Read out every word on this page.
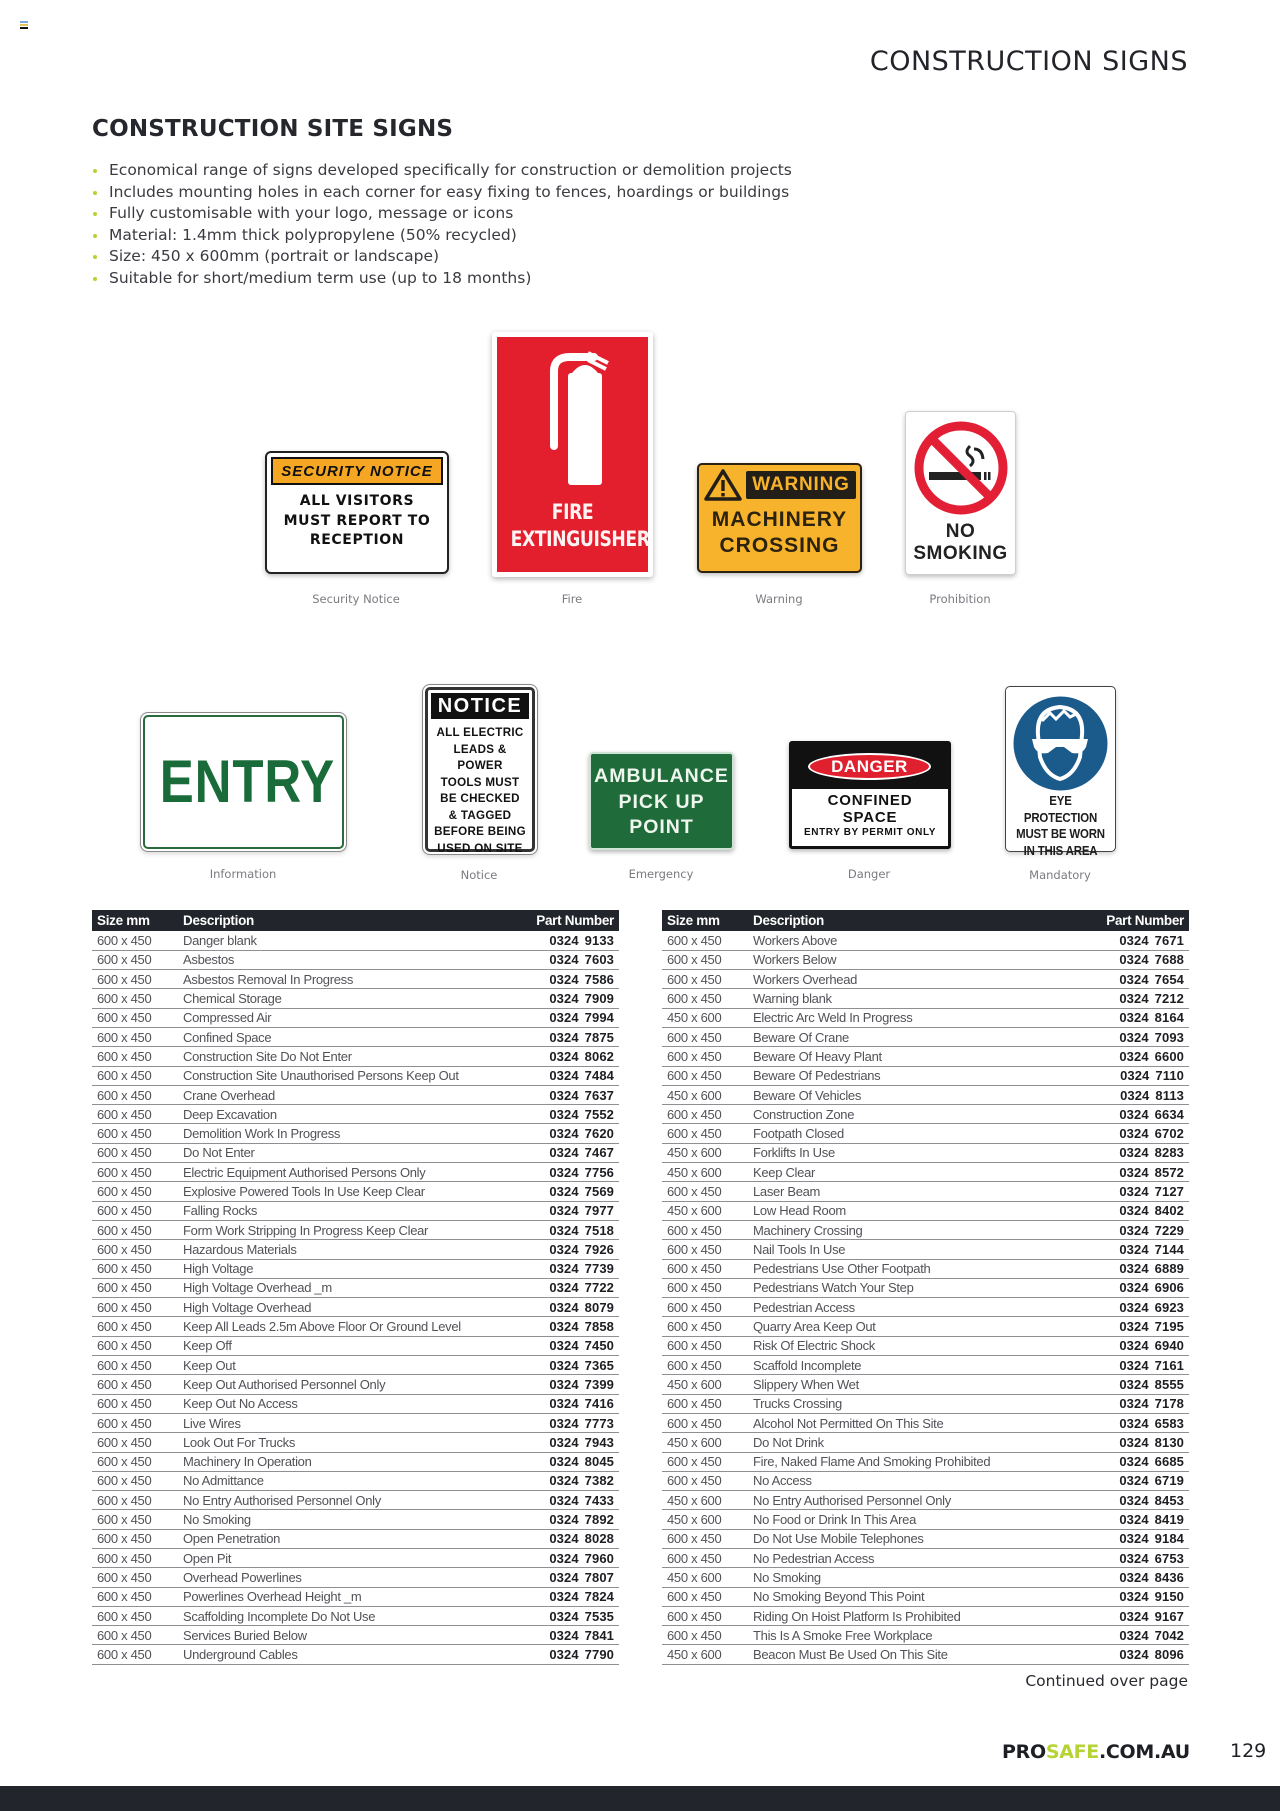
CONSTRUCTION SIGNS
CONSTRUCTION SITE SIGNS
Economical range of signs developed specifically for construction or demolition projects
Includes mounting holes in each corner for easy fixing to fences, hoardings or buildings
Fully customisable with your logo, message or icons
Material: 1.4mm thick polypropylene (50% recycled)
Size: 450 x 600mm (portrait or landscape)
Suitable for short/medium term use (up to 18 months)
SECURITY NOTICE
ALL VISITORS
MUST REPORT TO
RECEPTION
Security Notice
FIRE
EXTINGUISHER
Fire
WARNING
MACHINERY
CROSSING
Warning
NO
SMOKING
Prohibition
ENTRY
Information
NOTICE
ALL ELECTRIC
LEADS & POWER
TOOLS MUST
BE CHECKED
& TAGGED
BEFORE BEING
USED ON SITE
Notice
AMBULANCE
PICK UP
POINT
Emergency
DANGER
CONFINED
SPACE
ENTRY BY PERMIT ONLY
Danger
EYE PROTECTION
MUST BE WORN
IN THIS AREA
Mandatory
Size mm	Description	Part Number
600 x 450	Danger blank	0324 9133
600 x 450	Asbestos	0324 7603
600 x 450	Asbestos Removal In Progress	0324 7586
600 x 450	Chemical Storage	0324 7909
600 x 450	Compressed Air	0324 7994
600 x 450	Confined Space	0324 7875
600 x 450	Construction Site Do Not Enter	0324 8062
600 x 450	Construction Site Unauthorised Persons Keep Out	0324 7484
600 x 450	Crane Overhead	0324 7637
600 x 450	Deep Excavation	0324 7552
600 x 450	Demolition Work In Progress	0324 7620
600 x 450	Do Not Enter	0324 7467
600 x 450	Electric Equipment Authorised Persons Only	0324 7756
600 x 450	Explosive Powered Tools In Use Keep Clear	0324 7569
600 x 450	Falling Rocks	0324 7977
600 x 450	Form Work Stripping In Progress Keep Clear	0324 7518
600 x 450	Hazardous Materials	0324 7926
600 x 450	High Voltage	0324 7739
600 x 450	High Voltage Overhead _m	0324 7722
600 x 450	High Voltage Overhead	0324 8079
600 x 450	Keep All Leads 2.5m Above Floor Or Ground Level	0324 7858
600 x 450	Keep Off	0324 7450
600 x 450	Keep Out	0324 7365
600 x 450	Keep Out Authorised Personnel Only	0324 7399
600 x 450	Keep Out No Access	0324 7416
600 x 450	Live Wires	0324 7773
600 x 450	Look Out For Trucks	0324 7943
600 x 450	Machinery In Operation	0324 8045
600 x 450	No Admittance	0324 7382
600 x 450	No Entry Authorised Personnel Only	0324 7433
600 x 450	No Smoking	0324 7892
600 x 450	Open Penetration	0324 8028
600 x 450	Open Pit	0324 7960
600 x 450	Overhead Powerlines	0324 7807
600 x 450	Powerlines Overhead Height _m	0324 7824
600 x 450	Scaffolding Incomplete Do Not Use	0324 7535
600 x 450	Services Buried Below	0324 7841
600 x 450	Underground Cables	0324 7790
Size mm	Description	Part Number
600 x 450	Workers Above	0324 7671
600 x 450	Workers Below	0324 7688
600 x 450	Workers Overhead	0324 7654
600 x 450	Warning blank	0324 7212
450 x 600	Electric Arc Weld In Progress	0324 8164
600 x 450	Beware Of Crane	0324 7093
600 x 450	Beware Of Heavy Plant	0324 6600
600 x 450	Beware Of Pedestrians	0324 7110
450 x 600	Beware Of Vehicles	0324 8113
600 x 450	Construction Zone	0324 6634
600 x 450	Footpath Closed	0324 6702
450 x 600	Forklifts In Use	0324 8283
450 x 600	Keep Clear	0324 8572
600 x 450	Laser Beam	0324 7127
450 x 600	Low Head Room	0324 8402
600 x 450	Machinery Crossing	0324 7229
600 x 450	Nail Tools In Use	0324 7144
600 x 450	Pedestrians Use Other Footpath	0324 6889
600 x 450	Pedestrians Watch Your Step	0324 6906
600 x 450	Pedestrian Access	0324 6923
600 x 450	Quarry Area Keep Out	0324 7195
600 x 450	Risk Of Electric Shock	0324 6940
600 x 450	Scaffold Incomplete	0324 7161
450 x 600	Slippery When Wet	0324 8555
600 x 450	Trucks Crossing	0324 7178
600 x 450	Alcohol Not Permitted On This Site	0324 6583
450 x 600	Do Not Drink	0324 8130
600 x 450	Fire, Naked Flame And Smoking Prohibited	0324 6685
600 x 450	No Access	0324 6719
450 x 600	No Entry Authorised Personnel Only	0324 8453
450 x 600	No Food or Drink In This Area	0324 8419
600 x 450	Do Not Use Mobile Telephones	0324 9184
600 x 450	No Pedestrian Access	0324 6753
450 x 600	No Smoking	0324 8436
600 x 450	No Smoking Beyond This Point	0324 9150
600 x 450	Riding On Hoist Platform Is Prohibited	0324 9167
600 x 450	This Is A Smoke Free Workplace	0324 7042
450 x 600	Beacon Must Be Used On This Site	0324 8096
Continued over page
PROSAFE.COM.AU 129
